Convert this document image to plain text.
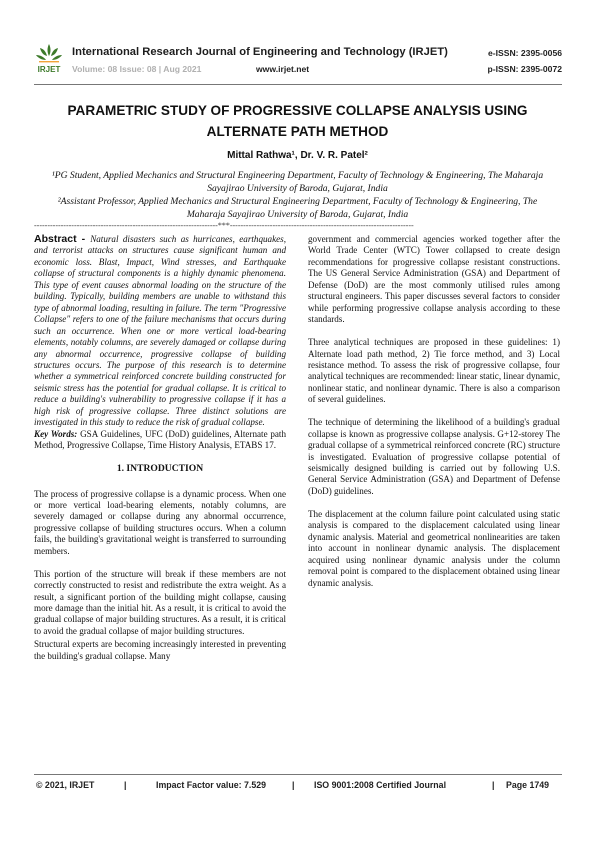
IRJET
International Research Journal of Engineering and Technology (IRJET)
Volume: 08 Issue: 08 | Aug 2021	www.irjet.net
e-ISSN: 2395-0056
p-ISSN: 2395-0072
PARAMETRIC STUDY OF PROGRESSIVE COLLAPSE ANALYSIS USING
ALTERNATE PATH METHOD
Mittal Rathwa¹, Dr. V. R. Patel²
¹PG Student, Applied Mechanics and Structural Engineering Department, Faculty of Technology & Engineering, The Maharaja Sayajirao University of Baroda, Gujarat, India
²Assistant Professor, Applied Mechanics and Structural Engineering Department, Faculty of Technology & Engineering, The Maharaja Sayajirao University of Baroda, Gujarat, India
---------------------------------------------------------------------***---------------------------------------------------------------------

Abstract - Natural disasters such as hurricanes, earthquakes, and terrorist attacks on structures cause significant human and economic loss. Blast, Impact, Wind stresses, and Earthquake collapse of structural components is a highly dynamic phenomena. This type of event causes abnormal loading on the structure of the building. Typically, building members are unable to withstand this type of abnormal loading, resulting in failure. The term "Progressive Collapse" refers to one of the failure mechanisms that occurs during such an occurrence. When one or more vertical load-bearing elements, notably columns, are severely damaged or collapse during any abnormal occurrence, progressive collapse of building structures occurs. The purpose of this research is to determine whether a symmetrical reinforced concrete building constructed for seismic stress has the potential for gradual collapse. It is critical to reduce a building's vulnerability to progressive collapse if it has a high risk of progressive collapse. Three distinct solutions are investigated in this study to reduce the risk of gradual collapse.
Key Words: GSA Guidelines, UFC (DoD) guidelines, Alternate path Method, Progressive Collapse, Time History Analysis, ETABS 17.

1. INTRODUCTION

The process of progressive collapse is a dynamic process. When one or more vertical load-bearing elements, notably columns, are severely damaged or collapse during any abnormal occurrence, progressive collapse of building structures occurs. When a column fails, the building's gravitational weight is transferred to surrounding members.

This portion of the structure will break if these members are not correctly constructed to resist and redistribute the extra weight. As a result, a significant portion of the building might collapse, causing more damage than the initial hit. As a result, it is critical to avoid the gradual collapse of major building structures. As a result, it is critical to avoid the gradual collapse of major building structures.

Structural experts are becoming increasingly interested in preventing the building's gradual collapse. Many

government and commercial agencies worked together after the World Trade Center (WTC) Tower collapsed to create design recommendations for progressive collapse resistant constructions. The US General Service Administration (GSA) and Department of Defense (DoD) are the most commonly utilised rules among structural engineers. This paper discusses several factors to consider while performing progressive collapse analysis according to these standards.

Three analytical techniques are proposed in these guidelines: 1) Alternate load path method, 2) Tie force method, and 3) Local resistance method. To assess the risk of progressive collapse, four analytical techniques are recommended: linear static, linear dynamic, nonlinear static, and nonlinear dynamic. There is also a comparison of several guidelines.

The technique of determining the likelihood of a building's gradual collapse is known as progressive collapse analysis. G+12-storey The gradual collapse of a symmetrical reinforced concrete (RC) structure is investigated. Evaluation of progressive collapse potential of seismically designed building is carried out by following U.S. General Service Administration (GSA) and Department of Defense (DoD) guidelines.

The displacement at the column failure point calculated using static analysis is compared to the displacement calculated using linear dynamic analysis. Material and geometrical nonlinearities are taken into account in nonlinear dynamic analysis. The displacement acquired using nonlinear dynamic analysis under the column removal point is compared to the displacement obtained using linear dynamic analysis.

© 2021, IRJET	|	Impact Factor value: 7.529	| ISO 9001:2008 Certified Journal	| Page 1749
